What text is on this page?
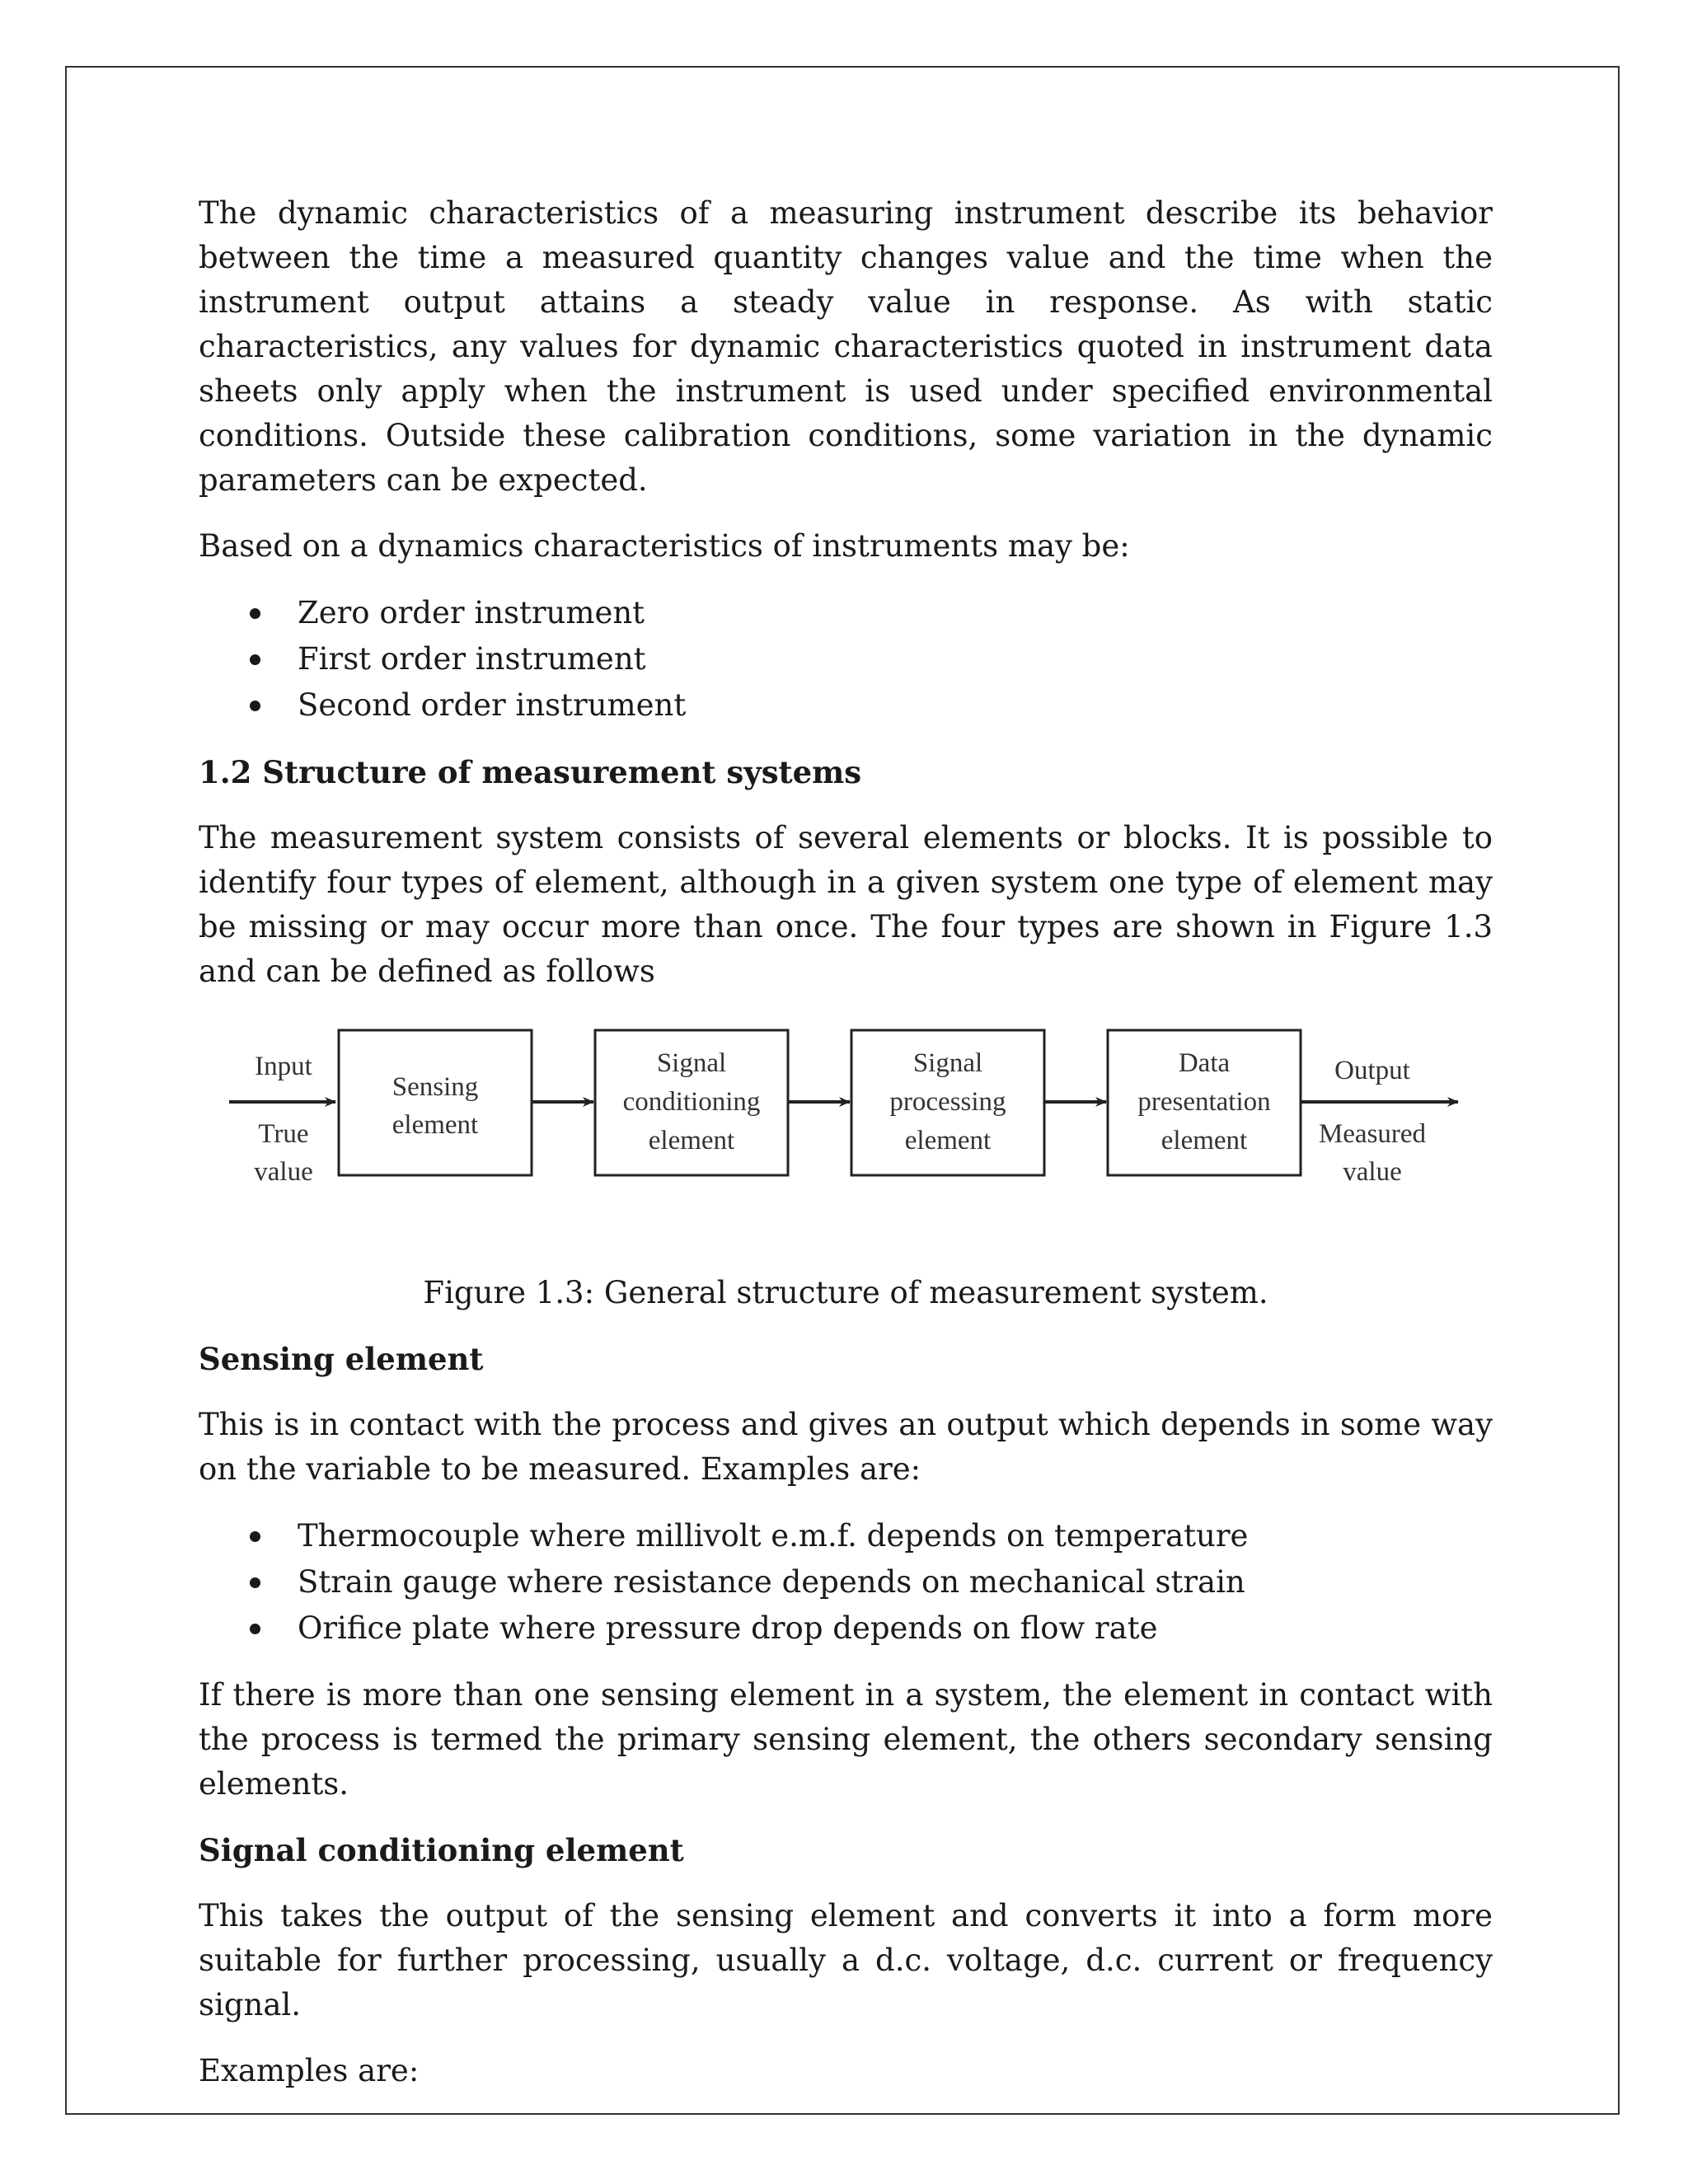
The dynamic characteristics of a measuring instrument describe its behavior between the time a measured quantity changes value and the time when the instrument output attains a steady value in response. As with static characteristics, any values for dynamic characteristics quoted in instrument data sheets only apply when the instrument is used under specified environmental conditions. Outside these calibration conditions, some variation in the dynamic parameters can be expected.

Based on a dynamics characteristics of instruments may be:

Zero order instrument
First order instrument
Second order instrument
1.2 Structure of measurement systems

The measurement system consists of several elements or blocks. It is possible to identify four types of element, although in a given system one type of element may be missing or may occur more than once. The four types are shown in Figure 1.3 and can be defined as follows

Input
True
value
Sensing
element
Signal
conditioning
element
Signal
processing
element
Data
presentation
element
Output
Measured
value

Figure 1.3: General structure of measurement system.

Sensing element

This is in contact with the process and gives an output which depends in some way on the variable to be measured. Examples are:

Thermocouple where millivolt e.m.f. depends on temperature
Strain gauge where resistance depends on mechanical strain
Orifice plate where pressure drop depends on flow rate

If there is more than one sensing element in a system, the element in contact with the process is termed the primary sensing element, the others secondary sensing elements.

Signal conditioning element

This takes the output of the sensing element and converts it into a form more suitable for further processing, usually a d.c. voltage, d.c. current or frequency signal.

Examples are:
